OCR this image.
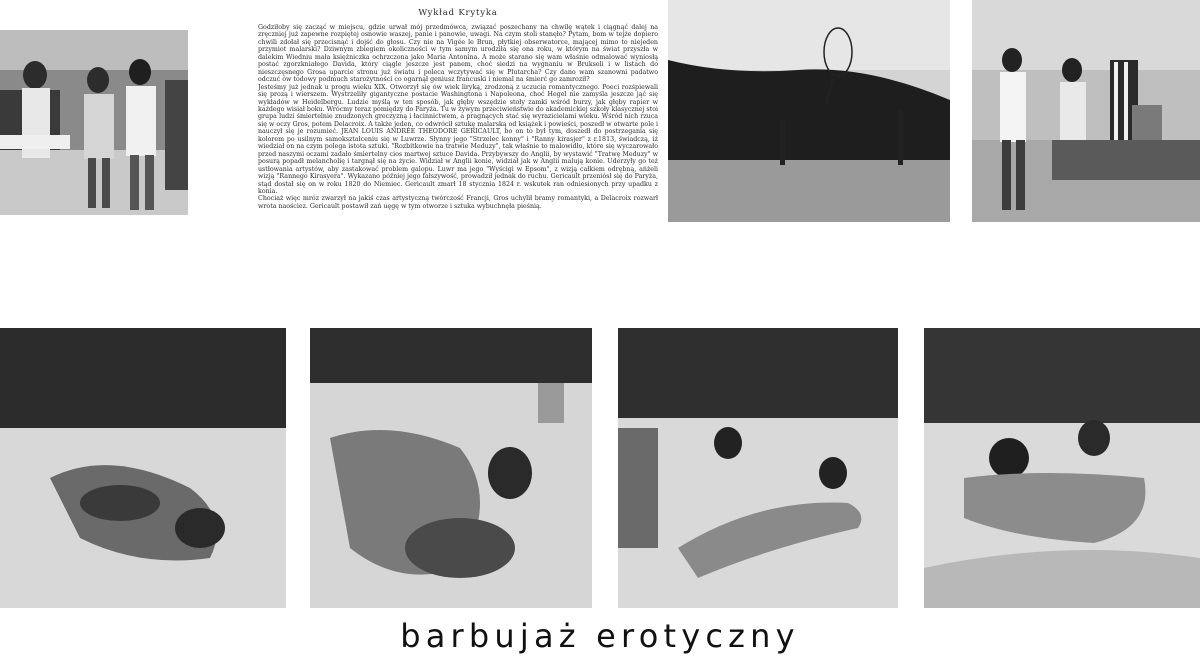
Wykład Krytyka

Godziłoby się zacząć w miejscu, gdzie urwał mój przedmówca, związać poszechany na chwilę wątek i ciągnąć dalej na zręczniej już zapewne rozpiętej osnowie waszej, panie i panowie, uwagi. Na czym stoli stanęło? Pytam, bom w tejże dopiero chwili zdołał się przecisnąć i dojść do głosu. Czy nie na Vigée le Brun, płytkiej obserwatorce, mającej mimo to niejeden przymiot malarski? Dziwnym zbiegiem okoliczności w tym samym urodziła się ona roku, w którym na świat przyszła w dalekim Wiedniu mała księżniczka ochrzczona jako Maria Antonina. A może starano się wam właśnie odmalować wyniosłą postać zgorzkniałego Davida, który ciągle jeszcze jest panem, choć siedzi na wygnaniu w Brukseli i w listach do nieszczęsnego Grosa uparcie stronu już światu i poleca wczytywać się w Plutarcha? Czy dano wam szanowni padatwo odczuć ów todowy podmuch starożytności co ogarnął geniusz francuski i niemal na śmierć go zamroził?

Jesteśmy już jednak u progu wieku XIX. Otworzył się ów wiek liryką, zrodzoną z uczucia romantycznego. Poeci rozśpiewali się prozą i wierszem. Wystrzeliły gigantyczne postacie Washingtona i Napoleona, choć Hegel nie zamyśla jeszcze jąć się wykładów w Heidelbergu. Ludzie myślą w ten sposób, jak głęby wszędzie stoły zamki wśród burzy, jak głęby rapier w każdego wisiał boku. Wrócmy teraz pomiędzy do Paryża. Tu w żywym przeciwieństwie do akademickiej szkoły klasycznej stoi grupa ludzi śmiertelnie znudzonych greczyzną i łacinnictwem, a pragnących stać się wyrazicielami wieku. Wśród nich rzuca się w oczy Gros, potem Delacroix. A także jeden, co odwrócił sztukę malarską od książek i powieści, poszedł w otwarte pole i nauczył się je rozumieć. JEAN LOUIS ANDRÉE THEODORE GERICAULT, bo on to był tym, doszedł do postrzegania się kolorem po usilnym samokształceniu się w Luwrze. Słynny jego "Strzelec konny" i "Ranny kirasjer" z r.1813, świadczą, iż wiedział on na czym polega istota sztuki. "Rozbitkowie na tratwie Meduzy", tak właśnie to malowidło, które się wyczarowało przed naszymi oczami zadało śmiertelny cios martwej sztuce Davida. Przybywszy do Anglii, by wystawić "Tratwę Meduzy" w posurą popadł melancholię i targnął się na życie. Widział w Anglii konie, widział jak w Anglii malują konie. Uderzyły go też ustłowania artystów, aby zastakować problem galopu. Luwr ma jego "Wyścigi w Epsom", z wizją całkiem odrębną, ańżeli wizją "Rannego Kirasyera". Wykazano później jego fałszywość, prowadził jednak do ruchu. Gericault przeniósł się do Paryża, stąd dostał się on w roku 1820 do Niemiec. Gericault zmarł 18 stycznia 1824 r. wskutek ran odniesionych przy upadku z konia.

Chociaż więc mróz zwarzył na jakiś czas artystyczną twórczość Francji, Gros uchylił bramy romantyki, a Delacroix rozwarł wrota naościez. Gericault postawił zań uęgę w tym otworze i sztuka wybuchnęła pieśnią.

barbujaż erotyczny
